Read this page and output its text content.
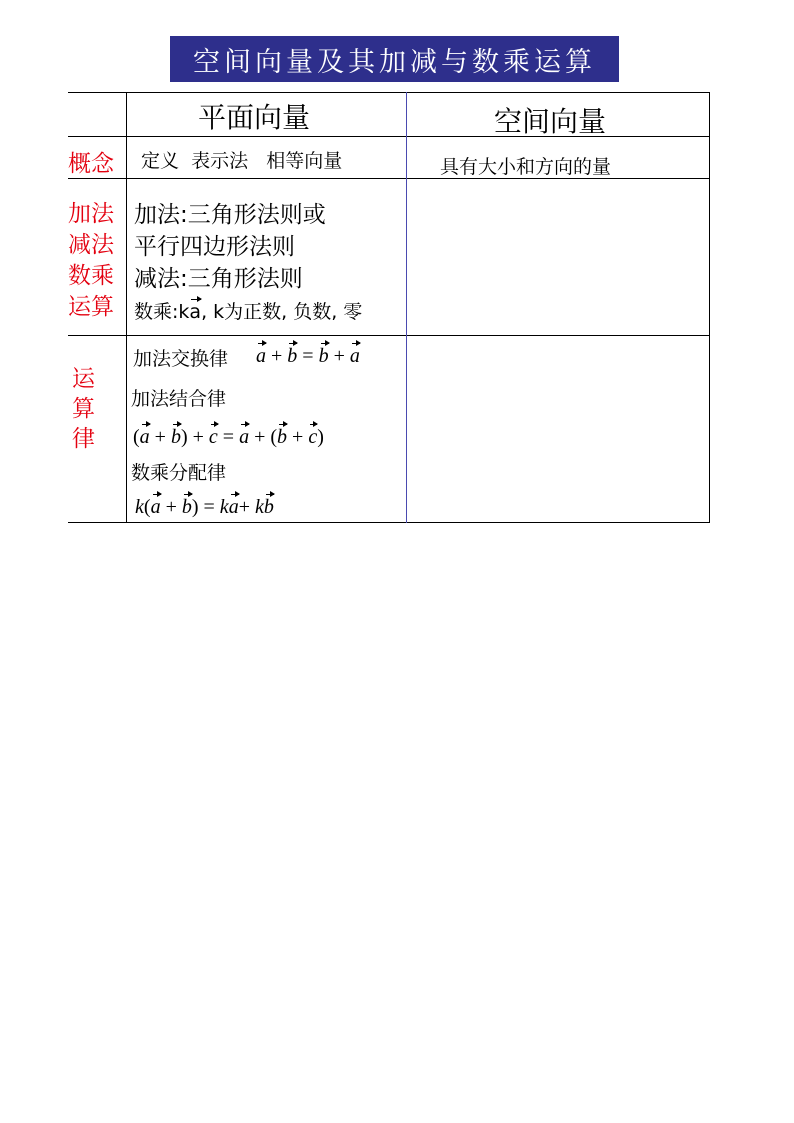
空间向量及其加减与数乘运算
平面向量	空间向量
概念 定义  表示法   相等向量	具有大小和方向的量
加法
减法
数乘
运算
加法:三角形法则或
平行四边形法则
减法:三角形法则
数乘:ka, k为正数, 负数, 零
运
算
律
加法交换律 a + b = b + a
加法结合律
(a + b) + c = a + (b + c)
数乘分配律
k(a + b) = ka+ kb
